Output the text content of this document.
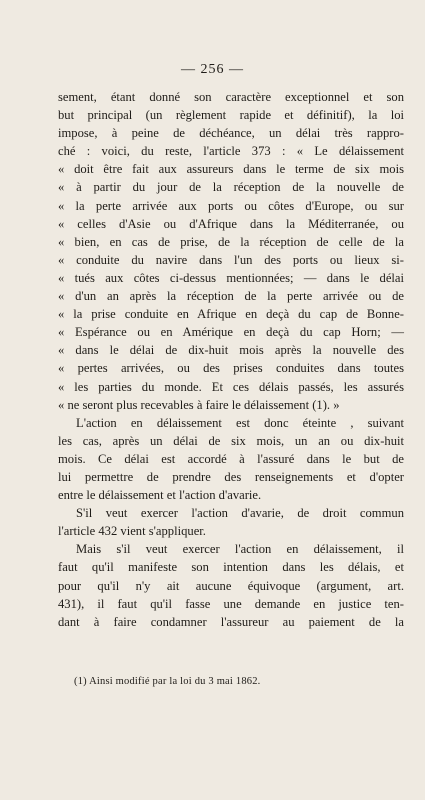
— 256 —
sement, étant donné son caractère exceptionnel et son
but principal (un règlement rapide et définitif), la loi
impose, à peine de déchéance, un délai très rappro-
ché : voici, du reste, l'article 373 : « Le délaissement
« doit être fait aux assureurs dans le terme de six mois
« à partir du jour de la réception de la nouvelle de
« la perte arrivée aux ports ou côtes d'Europe, ou sur
« celles d'Asie ou d'Afrique dans la Méditerranée, ou
« bien, en cas de prise, de la réception de celle de la
« conduite du navire dans l'un des ports ou lieux si-
« tués aux côtes ci-dessus mentionnées; — dans le délai
« d'un an après la réception de la perte arrivée ou de
« la prise conduite en Afrique en deçà du cap de Bonne-
« Espérance ou en Amérique en deçà du cap Horn; —
« dans le délai de dix-huit mois après la nouvelle des
« pertes arrivées, ou des prises conduites dans toutes
« les parties du monde. Et ces délais passés, les assurés
« ne seront plus recevables à faire le délaissement (1). »
L'action en délaissement est donc éteinte , suivant
les cas, après un délai de six mois, un an ou dix-huit
mois. Ce délai est accordé à l'assuré dans le but de
lui permettre de prendre des renseignements et d'opter
entre le délaissement et l'action d'avarie.
S'il veut exercer l'action d'avarie, de droit commun
l'article 432 vient s'appliquer.
Mais s'il veut exercer l'action en délaissement, il
faut qu'il manifeste son intention dans les délais, et
pour qu'il n'y ait aucune équivoque (argument, art.
431), il faut qu'il fasse une demande en justice ten-
dant à faire condamner l'assureur au paiement de la
(1) Ainsi modifié par la loi du 3 mai 1862.
